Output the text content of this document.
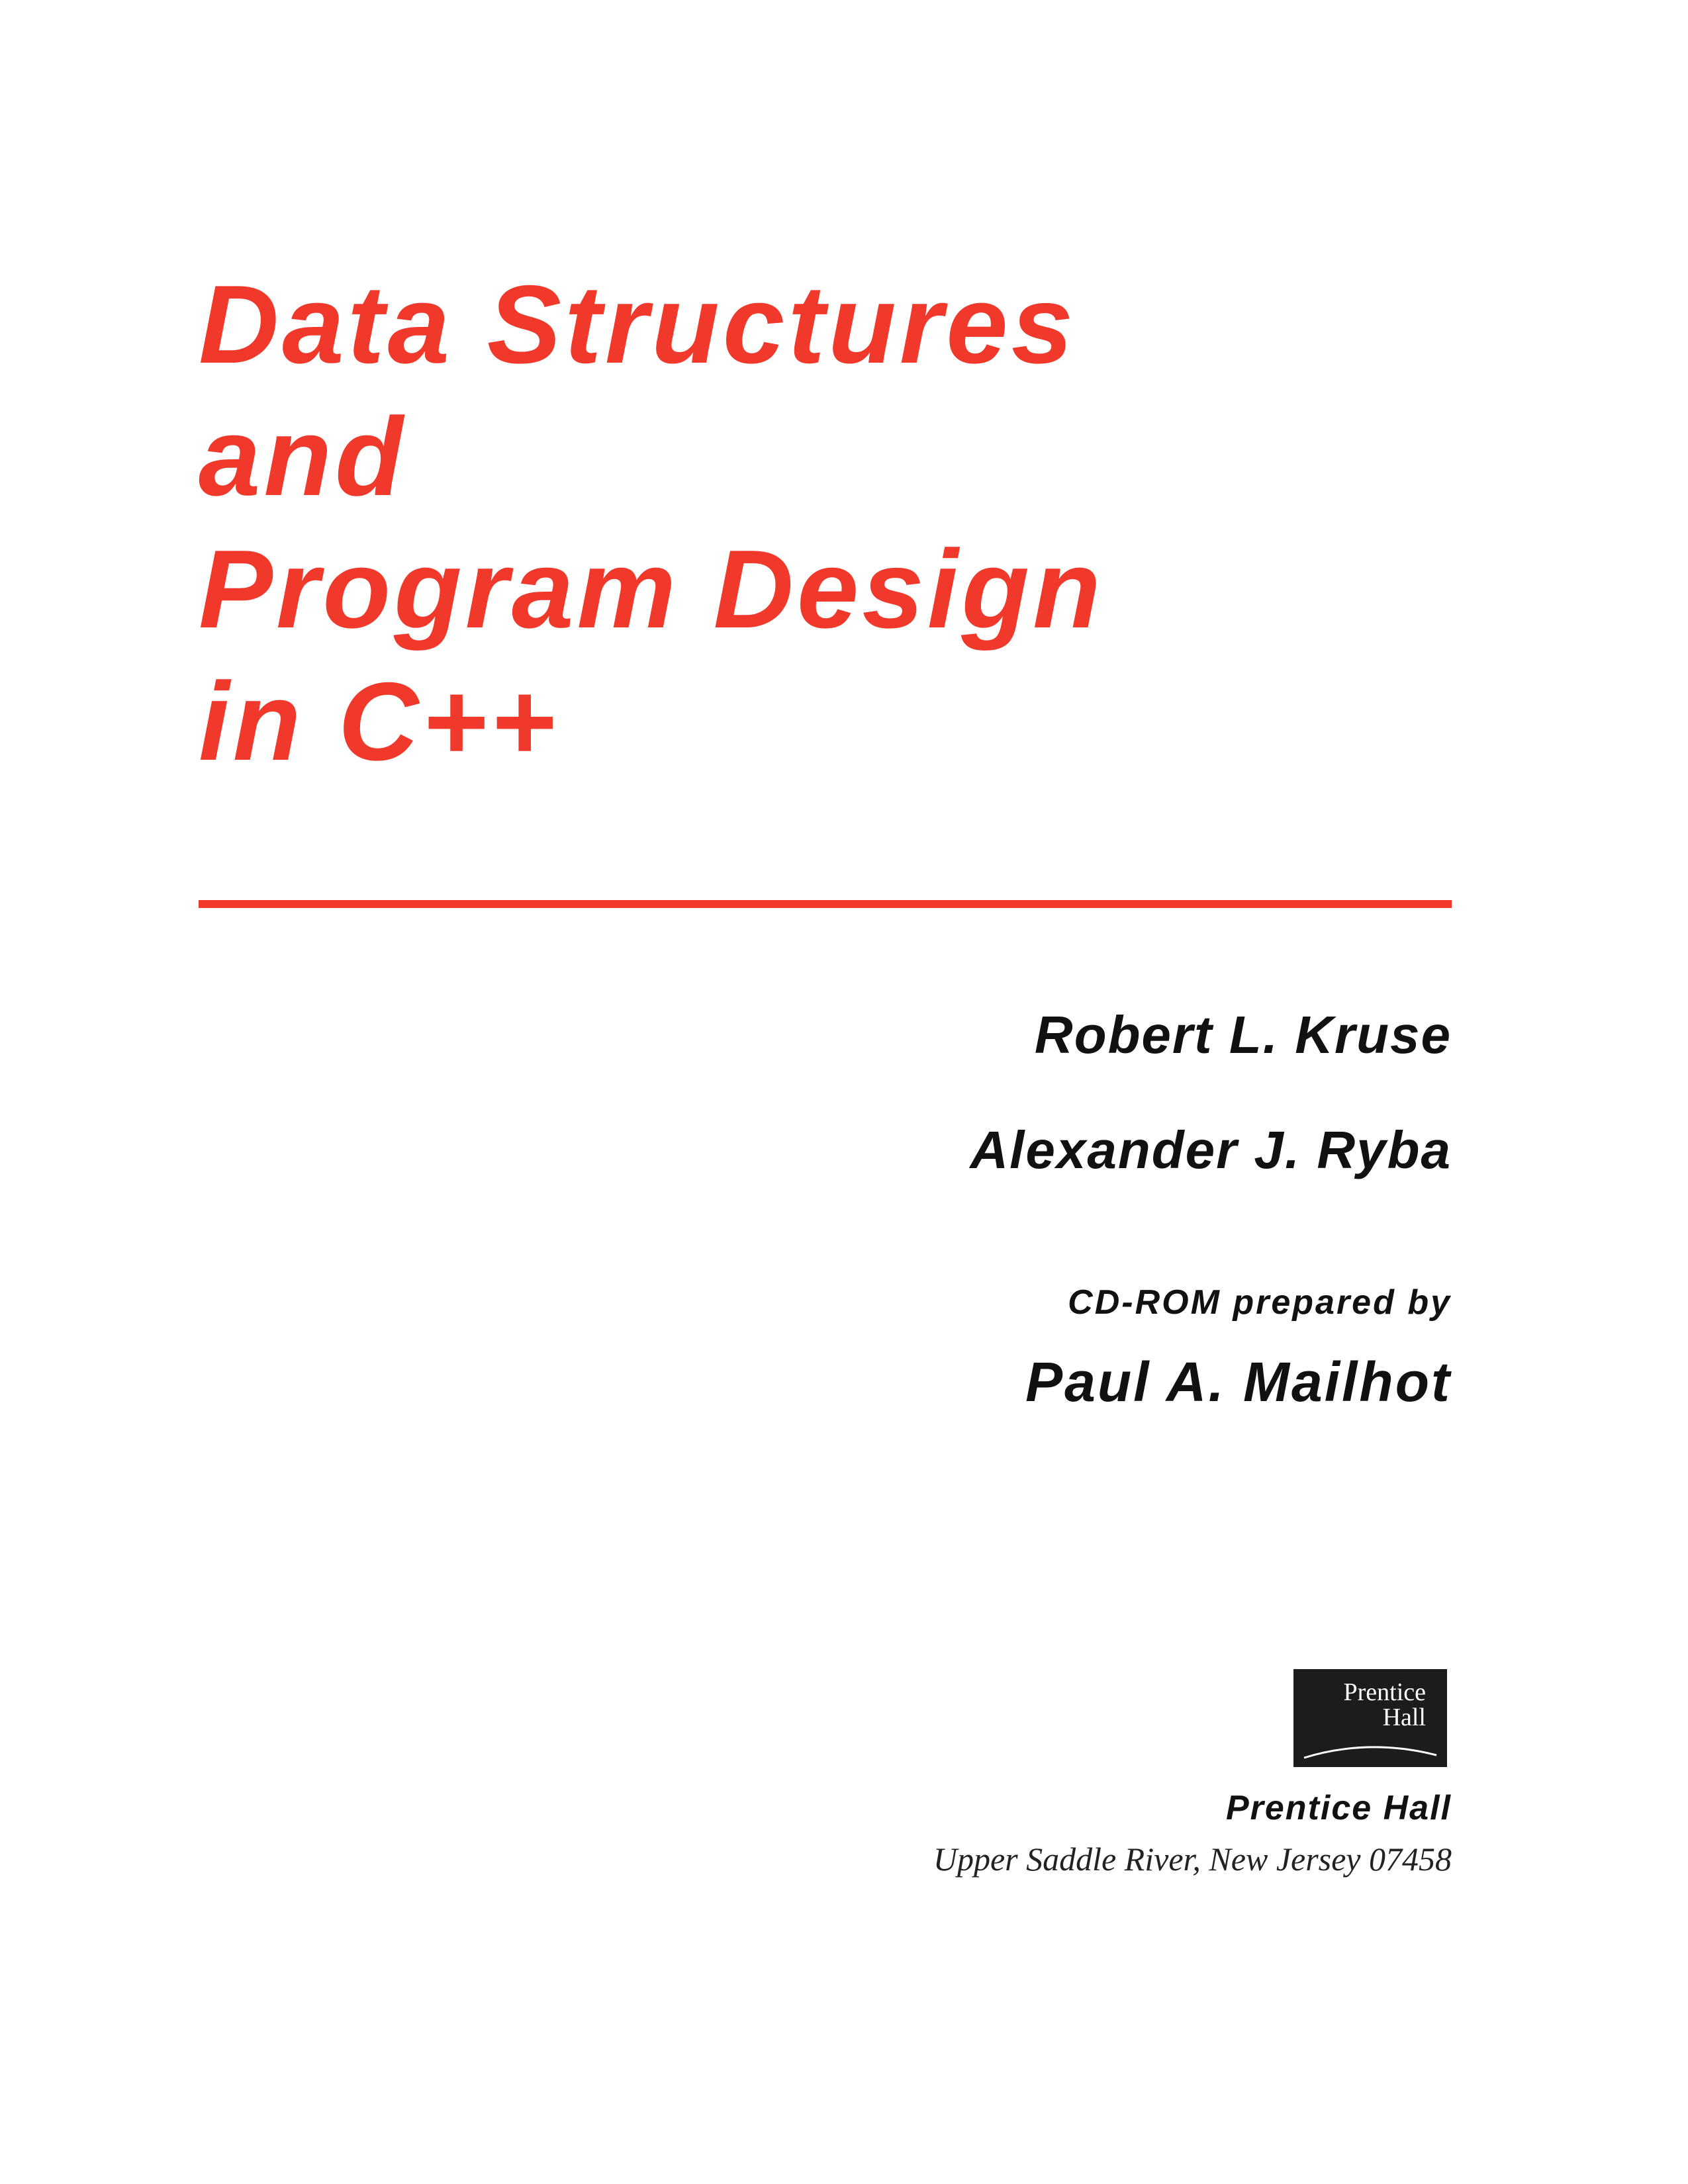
Data Structures
and
Program Design
in C++
Robert L. Kruse
Alexander J. Ryba
CD-ROM prepared by
Paul A. Mailhot
Prentice
Hall
Prentice Hall
Upper Saddle River, New Jersey 07458
